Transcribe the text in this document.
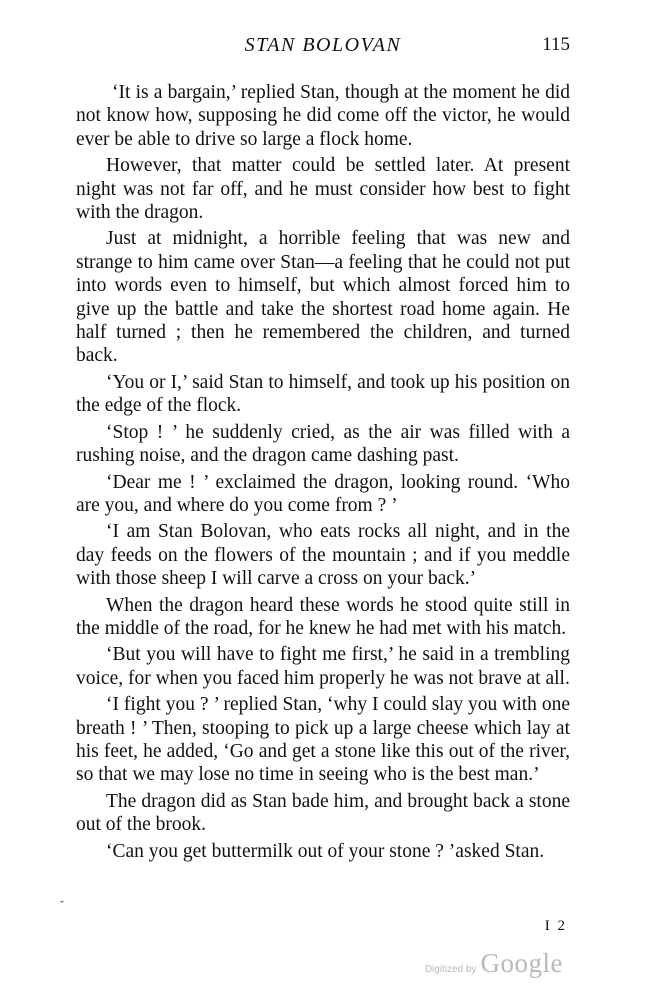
STAN BOLOVAN	115

‘It is a bargain,’ replied Stan, though at the moment he did not know how, supposing he did come off the victor, he would ever be able to drive so large a flock home.

However, that matter could be settled later. At present night was not far off, and he must consider how best to fight with the dragon.

Just at midnight, a horrible feeling that was new and strange to him came over Stan—a feeling that he could not put into words even to himself, but which almost forced him to give up the battle and take the shortest road home again. He half turned ; then he remembered the children, and turned back.

‘You or I,’ said Stan to himself, and took up his position on the edge of the flock.

‘Stop ! ’ he suddenly cried, as the air was filled with a rushing noise, and the dragon came dashing past.

‘Dear me ! ’ exclaimed the dragon, looking round. ‘Who are you, and where do you come from ? ’

‘I am Stan Bolovan, who eats rocks all night, and in the day feeds on the flowers of the mountain ; and if you meddle with those sheep I will carve a cross on your back.’

When the dragon heard these words he stood quite still in the middle of the road, for he knew he had met with his match.

‘But you will have to fight me first,’ he said in a trembling voice, for when you faced him properly he was not brave at all.

‘I fight you ? ’ replied Stan, ‘why I could slay you with one breath ! ’ Then, stooping to pick up a large cheese which lay at his feet, he added, ‘Go and get a stone like this out of the river, so that we may lose no time in seeing who is the best man.’

The dragon did as Stan bade him, and brought back a stone out of the brook.

‘Can you get buttermilk out of your stone ? ’asked Stan.

ˇ
I 2
Digitized by Google
